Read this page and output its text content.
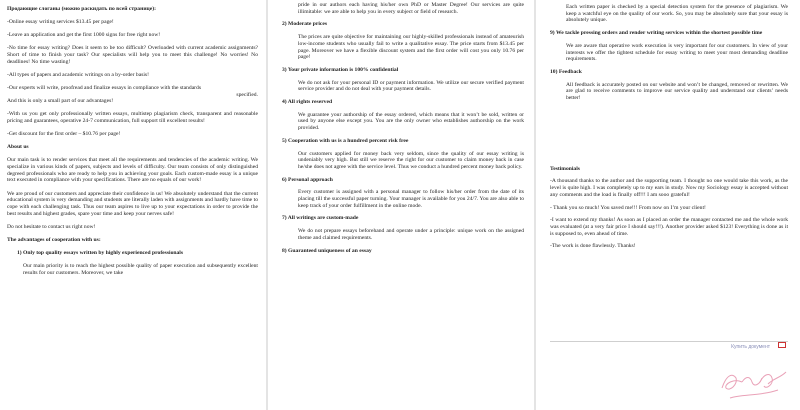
Продающие слоганы (можно раскидать по всей странице):

-Online essay writing services $13.45 per page!

-Leave an application and get the first 1000 signs for free right now!

-No time for essay writing? Does it seem to be too difficult? Overloaded with current academic assignments? Short of time to finish your task? Our specialists will help you to meet this challenge! No worries! No deadlines! No time wasting!

-All types of papers and academic writings on a by-order basis!

-Our experts will write, proofread and finalize essays in compliance with the standards

specified.

And this is only a small part of our advantages!

-With us you get only professionally written essays, multistep plagiarism check, transparent and reasonable pricing and guarantees, operative 24-7 communication, full support till excellent results!

-Get discount for the first order – $10.76 per page!

About us

Our main task is to render services that meet all the requirements and tendencies of the academic writing. We specialize in various kinds of papers, subjects and levels of difficulty. Our team consists of only distinguished degreed professionals who are ready to help you in achieving your goals. Each custom-made essay is a unique text executed in compliance with your specifications. There are no equals of our work!

We are proud of our customers and appreciate their confidence in us! We absolutely understand that the current educational system is very demanding and students are literally laden with assignments and hardly have time to cope with each challenging task. Thus our team aspires to live up to your expectations in order to provide the best results and highest grades, spare your time and keep your nerves safe!

Do not hesitate to contact us right now!

The advantages of cooperation with us:

1) Only top quality essays written by highly experienced professionals

Our main priority is to reach the highest possible quality of paper execution and subsequently excellent results for our customers. Moreover, we take

pride in our authors each having his/her own PhD or Master Degree! Our services are quite illimitable: we are able to help you in every subject or field of research.

2) Moderate prices

The prices are quite objective for maintaining our highly-skilled professionals instead of amateurish low-income students who usually fail to write a qualitative essay. The price starts from $13.45 per page. Moreover we have a flexible discount system and the first order will cost you only 10.76 per page!

3) Your private information is 100% confidential

We do not ask for your personal ID or payment information. We utilize our secure verified payment service provider and do not deal with your payment details.

4) All rights reserved

We guarantee your authorship of the essay ordered, which means that it won’t be sold, written or used by anyone else except you. You are the only owner who establishes authorship on the work provided.

5) Cooperation with us is a hundred percent risk free

Our customers applied for money back very seldom, since the quality of our essay writing is undeniably very high. But still we reserve the right for our customer to claim money back in case he/she does not agree with the service level. Thus we conduct a hundred percent money back policy.

6) Personal approach

Every customer is assigned with a personal manager to follow his/her order from the date of its placing till the successful paper turning. Your manager is available for you 24/7. You are also able to keep track of your order fulfillment in the online mode.

7) All writings are custom-made

We do not prepare essays beforehand and operate under a principle: unique work on the assigned theme and claimed requirements.

8) Guaranteed uniqueness of an essay

Each written paper is checked by a special detection system for the presence of plagiarism. We keep a watchful eye on the quality of our work. So, you may be absolutely sure that your essay is absolutely unique.

9) We tackle pressing orders and render writing services within the shortest possible time

We are aware that operative work execution is very important for our customers. In view of your interests we offer the tightest schedule for essay writing to meet your most demanding deadline requirements.

10) Feedback

All feedback is accurately posted on our website and won’t be changed, removed or rewritten. We are glad to receive comments to improve our service quality and understand our clients’ needs better!

Testimonials

-A thousand thanks to the author and the supporting team. I thought no one would take this work, as the level is quite high. I was completely up to my ears in study. Now my Sociology essay is accepted without any comments and the load is finally off!!! I am sooo grateful!

- Thank you so much! You saved me!!! From now on I’m your client!

-I want to extend my thanks! As soon as I placed an order the manager contacted me and the whole work was evaluated (at a very fair price I should say!!!). Another provider asked $123! Everything is done as it is supposed to, even ahead of time.

-The work is done flawlessly. Thanks!

Купить документ
